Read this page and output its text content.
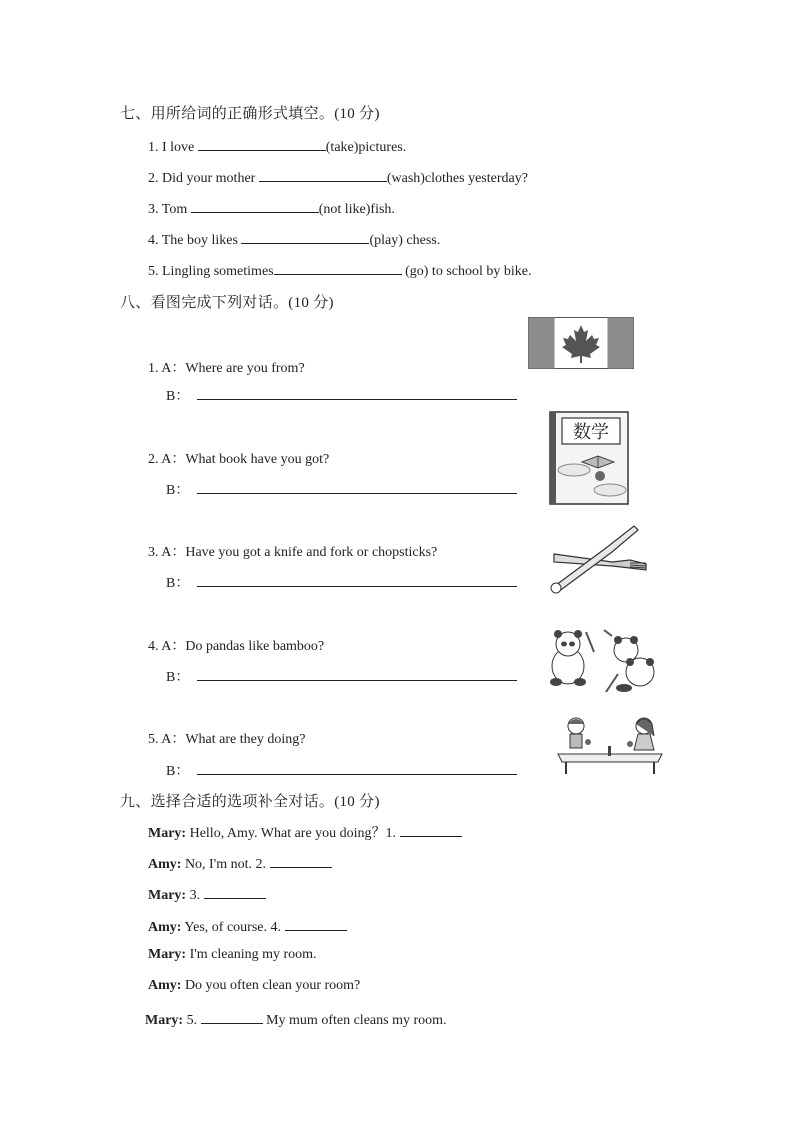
七、用所给词的正确形式填空。(10 分)
1. I love	(take)pictures.
2. Did your mother	(wash)clothes yesterday?
3. Tom	(not like)fish.
4. The boy likes	(play) chess.
5. Lingling sometimes	(go) to school by bike.
八、看图完成下列对话。(10 分)
1. A：Where are you from?
B：
2. A：What book have you got?
B：
3. A：Have you got a knife and fork or chopsticks?
B：
4. A：Do pandas like bamboo?
B：
5. A：What are they doing?
B：
数学
九、选择合适的选项补全对话。(10 分)
Mary: Hello, Amy. What are you doing？1.
Amy: No, I'm not. 2.
Mary: 3.
Amy: Yes, of course. 4.
Mary: I'm cleaning my room.
Amy: Do you often clean your room?
Mary: 5.	My mum often cleans my room.
